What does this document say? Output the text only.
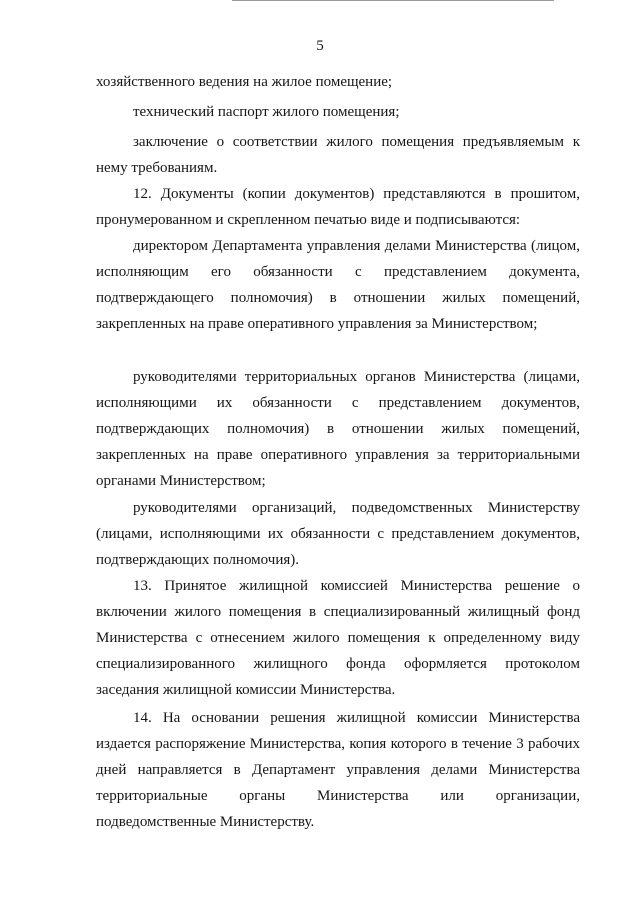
5

хозяйственного ведения на жилое помещение;

технический паспорт жилого помещения;

заключение о соответствии жилого помещения предъявляемым к нему требованиям.

12. Документы (копии документов) представляются в прошитом, пронумерованном и скрепленном печатью виде и подписываются:

директором Департамента управления делами Министерства (лицом, исполняющим его обязанности с представлением документа, подтверждающего полномочия) в отношении жилых помещений, закрепленных на праве оперативного управления за Министерством;

руководителями территориальных органов Министерства (лицами, исполняющими их обязанности с представлением документов, подтверждающих полномочия) в отношении жилых помещений, закрепленных на праве оперативного управления за территориальными органами Министерством;

руководителями организаций, подведомственных Министерству (лицами, исполняющими их обязанности с представлением документов, подтверждающих полномочия).

13. Принятое жилищной комиссией Министерства решение о включении жилого помещения в специализированный жилищный фонд Министерства с отнесением жилого помещения к определенному виду специализированного жилищного фонда оформляется протоколом заседания жилищной комиссии Министерства.

14. На основании решения жилищной комиссии Министерства издается распоряжение Министерства, копия которого в течение 3 рабочих дней направляется в Департамент управления делами Министерства территориальные органы Министерства или организации, подведомственные Министерству.
